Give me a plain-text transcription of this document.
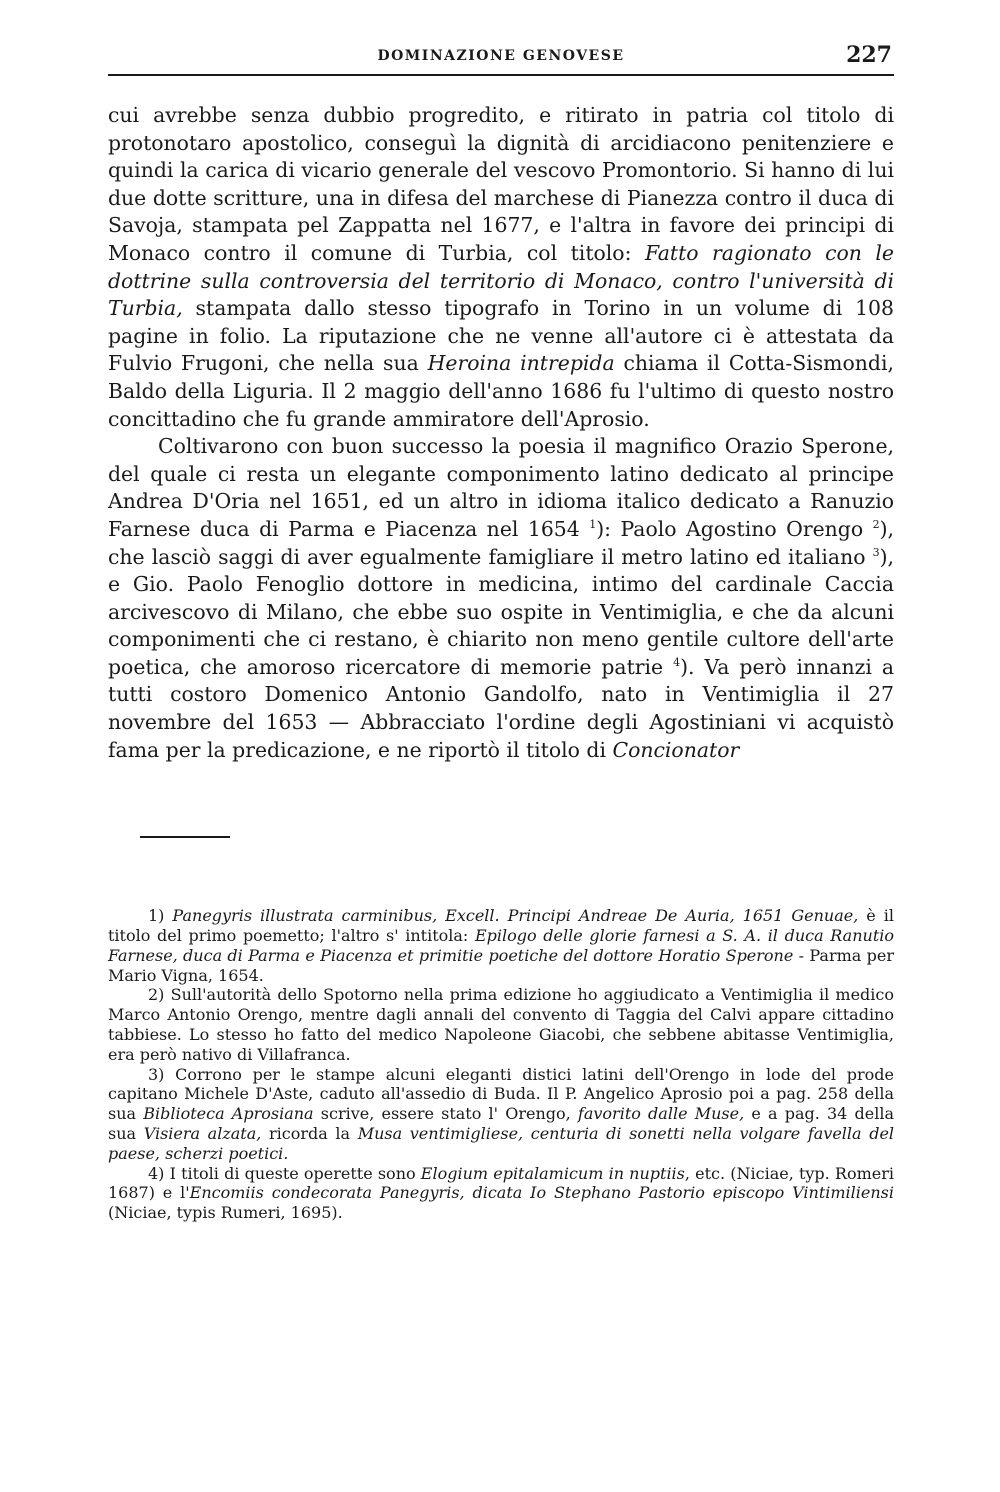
DOMINAZIONE GENOVESE	227

cui avrebbe senza dubbio progredito, e ritirato in patria col titolo di protonotaro apostolico, conseguì la dignità di arcidiacono penitenziere e quindi la carica di vicario generale del vescovo Promontorio. Si hanno di lui due dotte scritture, una in difesa del marchese di Pianezza contro il duca di Savoja, stampata pel Zappatta nel 1677, e l'altra in favore dei principi di Monaco contro il comune di Turbia, col titolo: Fatto ragionato con le dottrine sulla controversia del territorio di Monaco, contro l'università di Turbia, stampata dallo stesso tipografo in Torino in un volume di 108 pagine in folio. La riputazione che ne venne all'autore ci è attestata da Fulvio Frugoni, che nella sua Heroina intrepida chiama il Cotta-Sismondi, Baldo della Liguria. Il 2 maggio dell'anno 1686 fu l'ultimo di questo nostro concittadino che fu grande ammiratore dell'Aprosio.

Coltivarono con buon successo la poesia il magnifico Orazio Sperone, del quale ci resta un elegante componimento latino dedicato al principe Andrea D'Oria nel 1651, ed un altro in idioma italico dedicato a Ranuzio Farnese duca di Parma e Piacenza nel 1654 $^1$): Paolo Agostino Orengo $^2$), che lasciò saggi di aver egualmente famigliare il metro latino ed italiano $^3$), e Gio. Paolo Fenoglio dottore in medicina, intimo del cardinale Caccia arcivescovo di Milano, che ebbe suo ospite in Ventimiglia, e che da alcuni componimenti che ci restano, è chiarito non meno gentile cultore dell'arte poetica, che amoroso ricercatore di memorie patrie $^4$). Va però innanzi a tutti costoro Domenico Antonio Gandolfo, nato in Ventimiglia il 27 novembre del 1653 — Abbracciato l'ordine degli Agostiniani vi acquistò fama per la predicazione, e ne riportò il titolo di Concionator

1) Panegyris illustrata carminibus, Excell. Principi Andreae De Auria, 1651 Genuae, è il titolo del primo poemetto; l'altro s' intitola: Epilogo delle glorie farnesi a S. A. il duca Ranutio Farnese, duca di Parma e Piacenza et primitie poetiche del dottore Horatio Sperone - Parma per Mario Vigna, 1654.

2) Sull'autorità dello Spotorno nella prima edizione ho aggiudicato a Ventimiglia il medico Marco Antonio Orengo, mentre dagli annali del convento di Taggia del Calvi appare cittadino tabbiese. Lo stesso ho fatto del medico Napoleone Giacobi, che sebbene abitasse Ventimiglia, era però nativo di Villafranca.

3) Corrono per le stampe alcuni eleganti distici latini dell'Orengo in lode del prode capitano Michele D'Aste, caduto all'assedio di Buda. Il P. Angelico Aprosio poi a pag. 258 della sua Biblioteca Aprosiana scrive, essere stato l' Orengo, favorito dalle Muse, e a pag. 34 della sua Visiera alzata, ricorda la Musa ventimigliese, centuria di sonetti nella volgare favella del paese, scherzi poetici.

4) I titoli di queste operette sono Elogium epitalamicum in nuptiis, etc. (Niciae, typ. Romeri 1687) e l'Encomiis condecorata Panegyris, dicata Io Stephano Pastorio episcopo Vintimiliensi (Niciae, typis Rumeri, 1695).
